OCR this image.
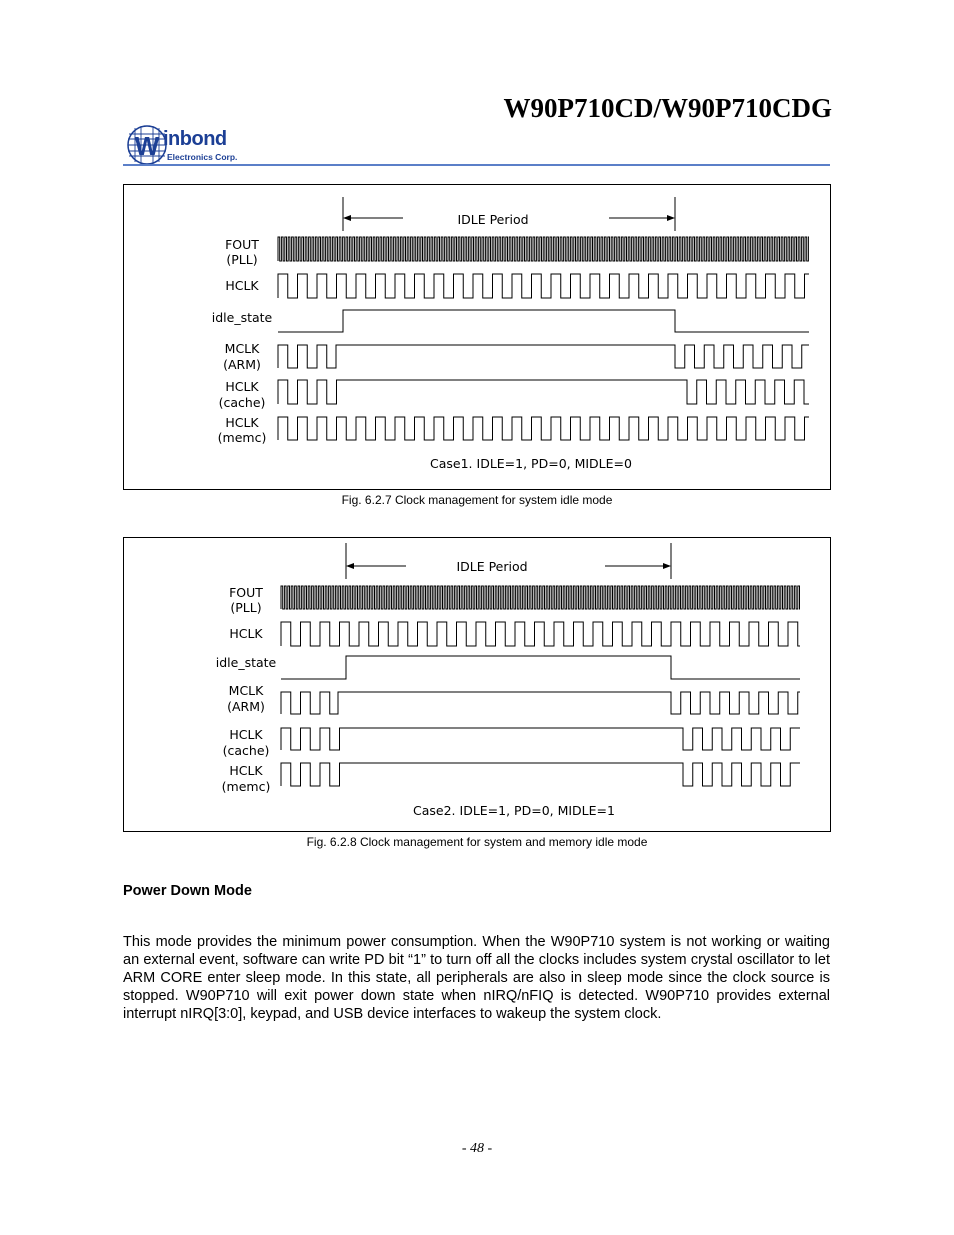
W90P710CD/W90P710CDG
W inbond
Electronics Corp.
FOUT
(PLL)
HCLK
idle_state
MCLK
(ARM)
HCLK
(cache)
HCLK
(memc)
IDLE Period
Case1. IDLE=1, PD=0, MIDLE=0
Fig. 6.2.7 Clock management for system idle mode
FOUT
(PLL)
HCLK
idle_state
MCLK
(ARM)
HCLK
(cache)
HCLK
(memc)
IDLE Period
Case2. IDLE=1, PD=0, MIDLE=1
Fig. 6.2.8 Clock management for system and memory idle mode
Power Down Mode
This mode provides the minimum power consumption. When the W90P710 system is not working or waiting an external event, software can write PD bit “1” to turn off all the clocks includes system crystal oscillator to let ARM CORE enter sleep mode. In this state, all peripherals are also in sleep mode since the clock source is stopped. W90P710 will exit power down state when nIRQ/nFIQ is detected. W90P710 provides external interrupt nIRQ[3:0], keypad, and USB device interfaces to wakeup the system clock.
- 48 -
